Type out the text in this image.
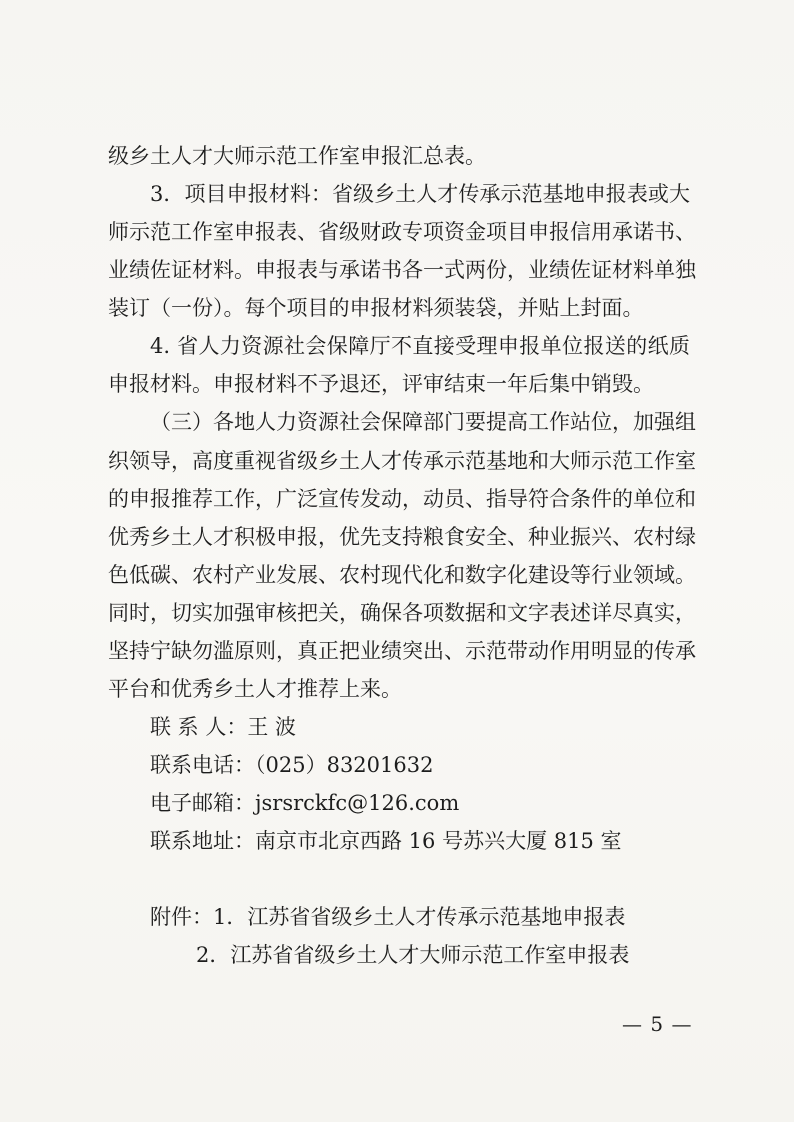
级乡土人才大师示范工作室申报汇总表。
3．项目申报材料：省级乡土人才传承示范基地申报表或大
师示范工作室申报表、省级财政专项资金项目申报信用承诺书、
业绩佐证材料。申报表与承诺书各一式两份，业绩佐证材料单独
装订（一份）。每个项目的申报材料须装袋，并贴上封面。
4. 省人力资源社会保障厅不直接受理申报单位报送的纸质
申报材料。申报材料不予退还，评审结束一年后集中销毁。
（三）各地人力资源社会保障部门要提高工作站位，加强组
织领导，高度重视省级乡土人才传承示范基地和大师示范工作室
的申报推荐工作，广泛宣传发动，动员、指导符合条件的单位和
优秀乡土人才积极申报，优先支持粮食安全、种业振兴、农村绿
色低碳、农村产业发展、农村现代化和数字化建设等行业领域。
同时，切实加强审核把关，确保各项数据和文字表述详尽真实，
坚持宁缺勿滥原则，真正把业绩突出、示范带动作用明显的传承
平台和优秀乡土人才推荐上来。
联 系 人：王 波
联系电话：（025）83201632
电子邮箱：jsrsrckfc@126.com
联系地址：南京市北京西路 16 号苏兴大厦 815 室
附件：1．江苏省省级乡土人才传承示范基地申报表
2．江苏省省级乡土人才大师示范工作室申报表
— 5 —
